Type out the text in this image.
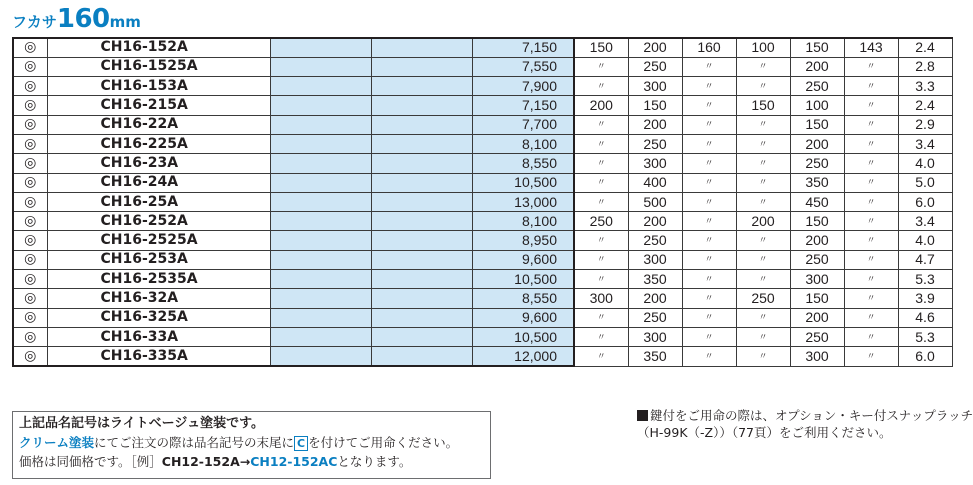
フカサ160mm
◎	CH16-152A			7,150	150	200	160	100	150	143	2.4
◎	CH16-1525A			7,550	〃	250	〃	〃	200	〃	2.8
◎	CH16-153A			7,900	〃	300	〃	〃	250	〃	3.3
◎	CH16-215A			7,150	200	150	〃	150	100	〃	2.4
◎	CH16-22A			7,700	〃	200	〃	〃	150	〃	2.9
◎	CH16-225A			8,100	〃	250	〃	〃	200	〃	3.4
◎	CH16-23A			8,550	〃	300	〃	〃	250	〃	4.0
◎	CH16-24A			10,500	〃	400	〃	〃	350	〃	5.0
◎	CH16-25A			13,000	〃	500	〃	〃	450	〃	6.0
◎	CH16-252A			8,100	250	200	〃	200	150	〃	3.4
◎	CH16-2525A			8,950	〃	250	〃	〃	200	〃	4.0
◎	CH16-253A			9,600	〃	300	〃	〃	250	〃	4.7
◎	CH16-2535A			10,500	〃	350	〃	〃	300	〃	5.3
◎	CH16-32A			8,550	300	200	〃	250	150	〃	3.9
◎	CH16-325A			9,600	〃	250	〃	〃	200	〃	4.6
◎	CH16-33A			10,500	〃	300	〃	〃	250	〃	5.3
◎	CH16-335A			12,000	〃	350	〃	〃	300	〃	6.0

上記品名記号はライトベージュ塗装です。

クリーム塗装にてご注文の際は品名記号の末尾に C を付けてご用命ください。

価格は同価格です。［例］CH12-152A→CH12-152ACとなります。

鍵付をご用命の際は、オプション・キー付スナップラッチ

（H-99K（-Z））（77頁）をご利用ください。
